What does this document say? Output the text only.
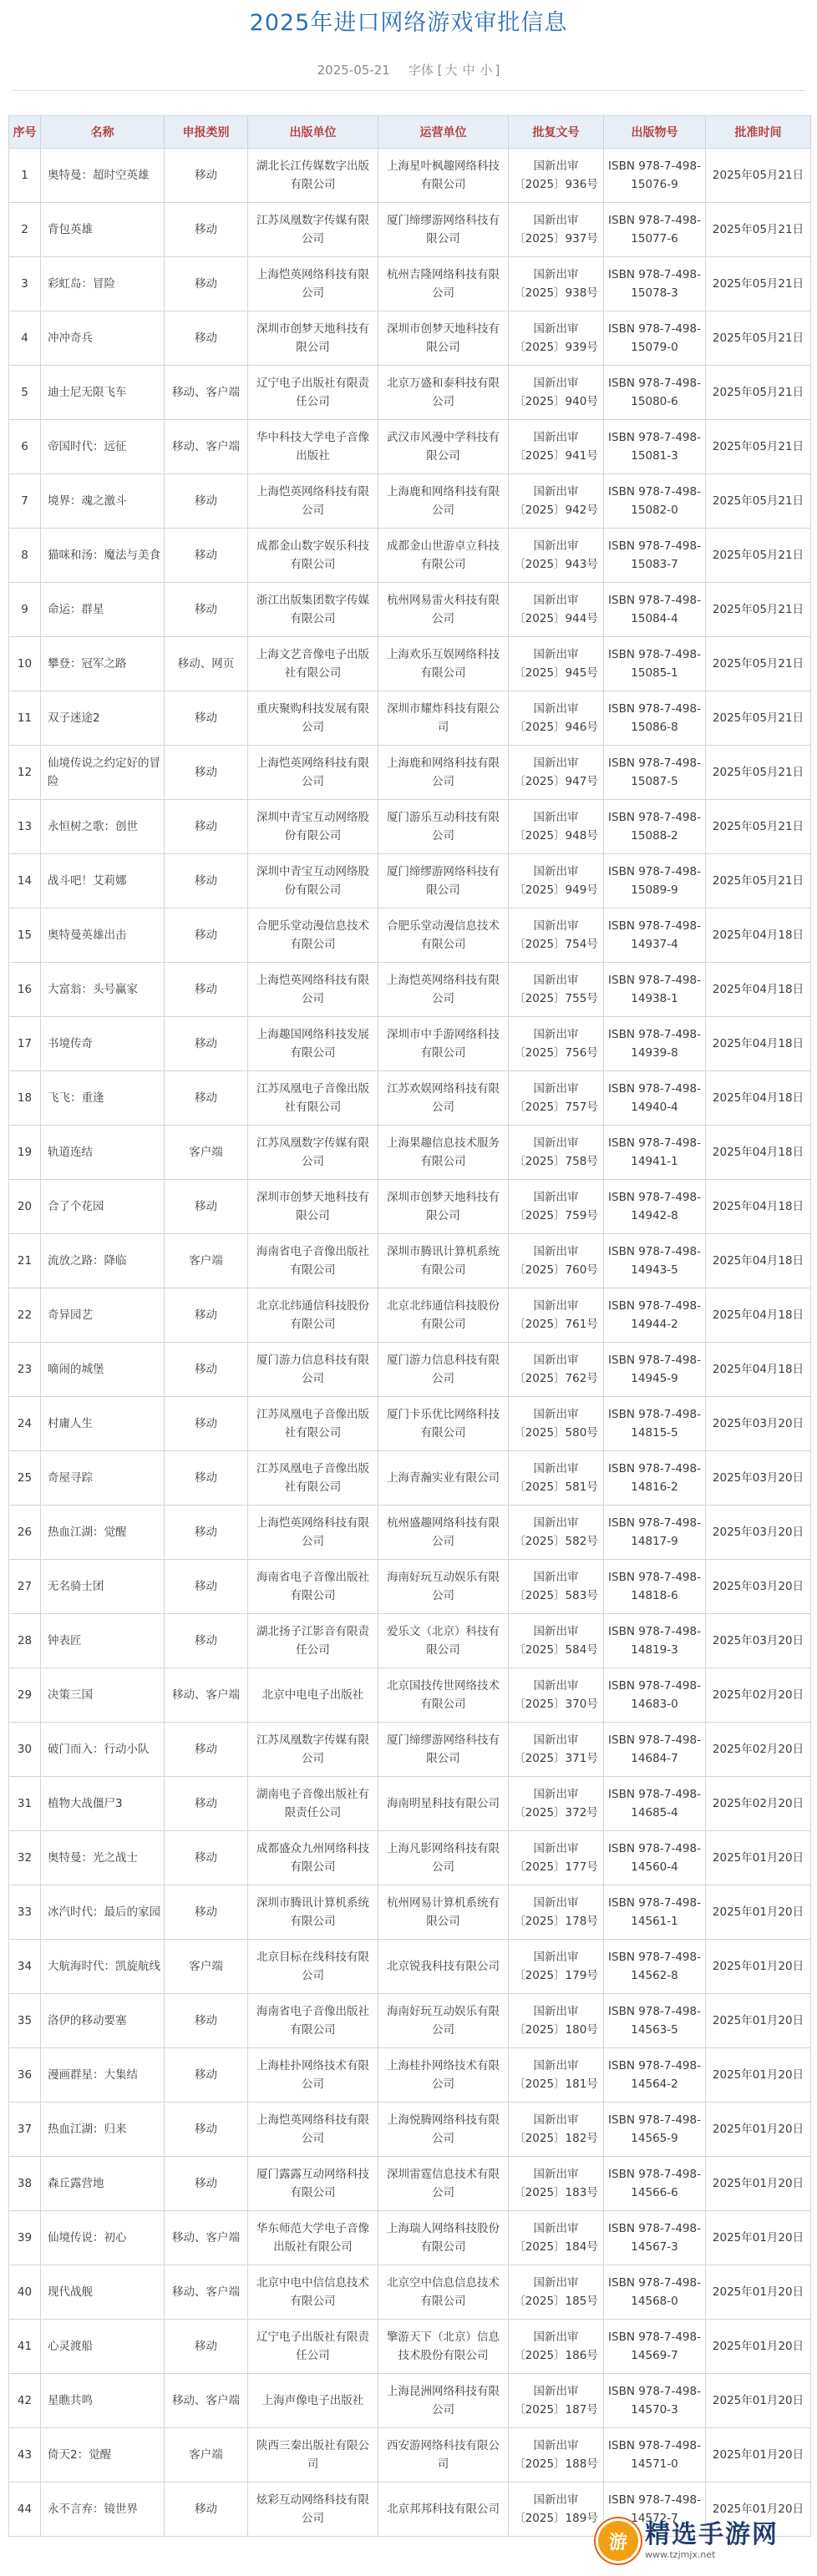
2025年进口网络游戏审批信息
2025-05-21 字体 [ 大 中 小 ]
序号	名称	申报类别	出版单位	运营单位	批复文号	出版物号	批准时间
1	奥特曼：超时空英雄	移动	湖北长江传媒数字出版有限公司	上海星叶枫趣网络科技有限公司	国新出审〔2025〕936号	ISBN 978-7-498-15076-9	2025年05月21日
2	背包英雄	移动	江苏凤凰数字传媒有限公司	厦门缔缪游网络科技有限公司	国新出审〔2025〕937号	ISBN 978-7-498-15077-6	2025年05月21日
3	彩虹岛：冒险	移动	上海恺英网络科技有限公司	杭州吉隆网络科技有限公司	国新出审〔2025〕938号	ISBN 978-7-498-15078-3	2025年05月21日
4	冲冲奇兵	移动	深圳市创梦天地科技有限公司	深圳市创梦天地科技有限公司	国新出审〔2025〕939号	ISBN 978-7-498-15079-0	2025年05月21日
5	迪士尼无限飞车	移动、客户端	辽宁电子出版社有限责任公司	北京万盛和泰科技有限公司	国新出审〔2025〕940号	ISBN 978-7-498-15080-6	2025年05月21日
6	帝国时代：远征	移动、客户端	华中科技大学电子音像出版社	武汉市风漫中学科技有限公司	国新出审〔2025〕941号	ISBN 978-7-498-15081-3	2025年05月21日
7	境界：魂之激斗	移动	上海恺英网络科技有限公司	上海鹿和网络科技有限公司	国新出审〔2025〕942号	ISBN 978-7-498-15082-0	2025年05月21日
8	猫咪和汤：魔法与美食	移动	成都金山数字娱乐科技有限公司	成都金山世游卓立科技有限公司	国新出审〔2025〕943号	ISBN 978-7-498-15083-7	2025年05月21日
9	命运：群星	移动	浙江出版集团数字传媒有限公司	杭州网易雷火科技有限公司	国新出审〔2025〕944号	ISBN 978-7-498-15084-4	2025年05月21日
10	攀登：冠军之路	移动、网页	上海文艺音像电子出版社有限公司	上海欢乐互娱网络科技有限公司	国新出审〔2025〕945号	ISBN 978-7-498-15085-1	2025年05月21日
11	双子迷途2	移动	重庆聚购科技发展有限公司	深圳市耀炸科技有限公司	国新出审〔2025〕946号	ISBN 978-7-498-15086-8	2025年05月21日
12	仙境传说之约定好的冒险	移动	上海恺英网络科技有限公司	上海鹿和网络科技有限公司	国新出审〔2025〕947号	ISBN 978-7-498-15087-5	2025年05月21日
13	永恒树之歌：创世	移动	深圳中青宝互动网络股份有限公司	厦门游乐互动科技有限公司	国新出审〔2025〕948号	ISBN 978-7-498-15088-2	2025年05月21日
14	战斗吧！艾莉娜	移动	深圳中青宝互动网络股份有限公司	厦门缔缪游网络科技有限公司	国新出审〔2025〕949号	ISBN 978-7-498-15089-9	2025年05月21日
15	奥特曼英雄出击	移动	合肥乐堂动漫信息技术有限公司	合肥乐堂动漫信息技术有限公司	国新出审〔2025〕754号	ISBN 978-7-498-14937-4	2025年04月18日
16	大富翁：头号赢家	移动	上海恺英网络科技有限公司	上海恺英网络科技有限公司	国新出审〔2025〕755号	ISBN 978-7-498-14938-1	2025年04月18日
17	书境传奇	移动	上海趣国网络科技发展有限公司	深圳市中手游网络科技有限公司	国新出审〔2025〕756号	ISBN 978-7-498-14939-8	2025年04月18日
18	飞飞：重逢	移动	江苏凤凰电子音像出版社有限公司	江苏欢娱网络科技有限公司	国新出审〔2025〕757号	ISBN 978-7-498-14940-4	2025年04月18日
19	轨道连结	客户端	江苏凤凰数字传媒有限公司	上海果趣信息技术服务有限公司	国新出审〔2025〕758号	ISBN 978-7-498-14941-1	2025年04月18日
20	合了个花园	移动	深圳市创梦天地科技有限公司	深圳市创梦天地科技有限公司	国新出审〔2025〕759号	ISBN 978-7-498-14942-8	2025年04月18日
21	流放之路：降临	客户端	海南省电子音像出版社有限公司	深圳市腾讯计算机系统有限公司	国新出审〔2025〕760号	ISBN 978-7-498-14943-5	2025年04月18日
22	奇异园艺	移动	北京北纬通信科技股份有限公司	北京北纬通信科技股份有限公司	国新出审〔2025〕761号	ISBN 978-7-498-14944-2	2025年04月18日
23	嘀闹的城堡	移动	厦门游力信息科技有限公司	厦门游力信息科技有限公司	国新出审〔2025〕762号	ISBN 978-7-498-14945-9	2025年04月18日
24	村庸人生	移动	江苏凤凰电子音像出版社有限公司	厦门卡乐优比网络科技有限公司	国新出审〔2025〕580号	ISBN 978-7-498-14815-5	2025年03月20日
25	奇屋寻踪	移动	江苏凤凰电子音像出版社有限公司	上海青瀚实业有限公司	国新出审〔2025〕581号	ISBN 978-7-498-14816-2	2025年03月20日
26	热血江湖：觉醒	移动	上海恺英网络科技有限公司	杭州盛趣网络科技有限公司	国新出审〔2025〕582号	ISBN 978-7-498-14817-9	2025年03月20日
27	无名骑士团	移动	海南省电子音像出版社有限公司	海南好玩互动娱乐有限公司	国新出审〔2025〕583号	ISBN 978-7-498-14818-6	2025年03月20日
28	钟表匠	移动	湖北扬子江影音有限责任公司	爱乐文（北京）科技有限公司	国新出审〔2025〕584号	ISBN 978-7-498-14819-3	2025年03月20日
29	决策三国	移动、客户端	北京中电电子出版社	北京国技传世网络技术有限公司	国新出审〔2025〕370号	ISBN 978-7-498-14683-0	2025年02月20日
30	破门而入：行动小队	移动	江苏凤凰数字传媒有限公司	厦门缔缪游网络科技有限公司	国新出审〔2025〕371号	ISBN 978-7-498-14684-7	2025年02月20日
31	植物大战僵尸3	移动	湖南电子音像出版社有限责任公司	海南明星科技有限公司	国新出审〔2025〕372号	ISBN 978-7-498-14685-4	2025年02月20日
32	奥特曼：光之战士	移动	成都盛众九州网络科技有限公司	上海凡影网络科技有限公司	国新出审〔2025〕177号	ISBN 978-7-498-14560-4	2025年01月20日
33	冰汽时代：最后的家园	移动	深圳市腾讯计算机系统有限公司	杭州网易计算机系统有限公司	国新出审〔2025〕178号	ISBN 978-7-498-14561-1	2025年01月20日
34	大航海时代：凯旋航线	客户端	北京目标在线科技有限公司	北京锐我科技有限公司	国新出审〔2025〕179号	ISBN 978-7-498-14562-8	2025年01月20日
35	洛伊的移动要塞	移动	海南省电子音像出版社有限公司	海南好玩互动娱乐有限公司	国新出审〔2025〕180号	ISBN 978-7-498-14563-5	2025年01月20日
36	漫画群星：大集结	移动	上海桂扑网络技术有限公司	上海桂扑网络技术有限公司	国新出审〔2025〕181号	ISBN 978-7-498-14564-2	2025年01月20日
37	热血江湖：归来	移动	上海恺英网络科技有限公司	上海悦腾网络科技有限公司	国新出审〔2025〕182号	ISBN 978-7-498-14565-9	2025年01月20日
38	森丘露营地	移动	厦门露露互动网络科技有限公司	深圳雷霆信息技术有限公司	国新出审〔2025〕183号	ISBN 978-7-498-14566-6	2025年01月20日
39	仙境传说：初心	移动、客户端	华东师范大学电子音像出版社有限公司	上海瑞人网络科技股份有限公司	国新出审〔2025〕184号	ISBN 978-7-498-14567-3	2025年01月20日
40	现代战舰	移动、客户端	北京中电中信信息技术有限公司	北京空中信息信息技术有限公司	国新出审〔2025〕185号	ISBN 978-7-498-14568-0	2025年01月20日
41	心灵渡船	移动	辽宁电子出版社有限责任公司	擎游天下（北京）信息技术股份有限公司	国新出审〔2025〕186号	ISBN 978-7-498-14569-7	2025年01月20日
42	星瞧共鸣	移动、客户端	上海声像电子出版社	上海昆洲网络科技有限公司	国新出审〔2025〕187号	ISBN 978-7-498-14570-3	2025年01月20日
43	倚天2：觉醒	客户端	陕西三秦出版社有限公司	西安游网络科技有限公司	国新出审〔2025〕188号	ISBN 978-7-498-14571-0	2025年01月20日
44	永不言弃：镜世界	移动	炫彩互动网络科技有限公司	北京邦邦科技有限公司	国新出审〔2025〕189号	ISBN 978-7-498-14572-7	2025年01月20日
游 精选手游网
www.tzjmjx.net
